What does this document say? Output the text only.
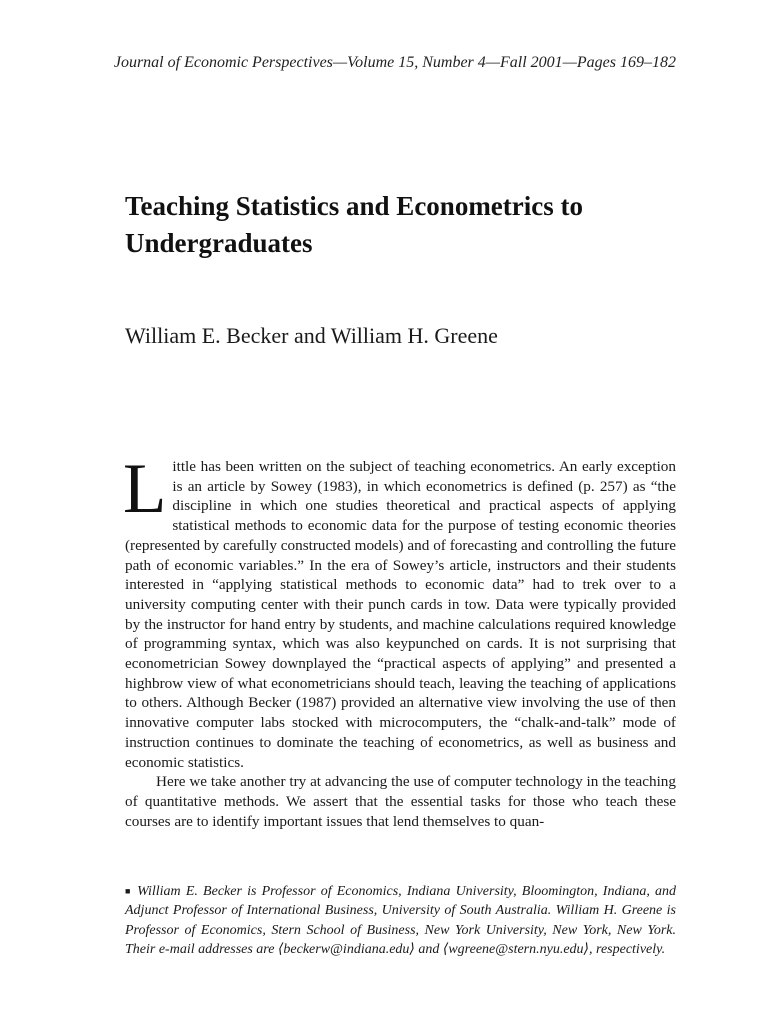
Journal of Economic Perspectives—Volume 15, Number 4—Fall 2001—Pages 169–182
Teaching Statistics and Econometrics to Undergraduates

William E. Becker and William H. Greene

Little has been written on the subject of teaching econometrics. An early exception is an article by Sowey (1983), in which econometrics is defined (p. 257) as “the discipline in which one studies theoretical and practical aspects of applying statistical methods to economic data for the purpose of testing economic theories (represented by carefully constructed models) and of forecasting and controlling the future path of economic variables.” In the era of Sowey’s article, instructors and their students interested in “applying statistical methods to economic data” had to trek over to a university computing center with their punch cards in tow. Data were typically provided by the instructor for hand entry by students, and machine calculations required knowledge of programming syntax, which was also keypunched on cards. It is not surprising that econometrician Sowey downplayed the “practical aspects of applying” and presented a highbrow view of what econometricians should teach, leaving the teaching of applications to others. Although Becker (1987) provided an alternative view involving the use of then innovative computer labs stocked with microcomputers, the “chalk-and-talk” mode of instruction continues to dominate the teaching of econometrics, as well as business and economic statistics.

Here we take another try at advancing the use of computer technology in the teaching of quantitative methods. We assert that the essential tasks for those who teach these courses are to identify important issues that lend themselves to quan-

■ William E. Becker is Professor of Economics, Indiana University, Bloomington, Indiana, and Adjunct Professor of International Business, University of South Australia. William H. Greene is Professor of Economics, Stern School of Business, New York University, New York, New York. Their e-mail addresses are ⟨beckerw@indiana.edu⟩ and ⟨wgreene@stern.nyu.edu⟩, respectively.
